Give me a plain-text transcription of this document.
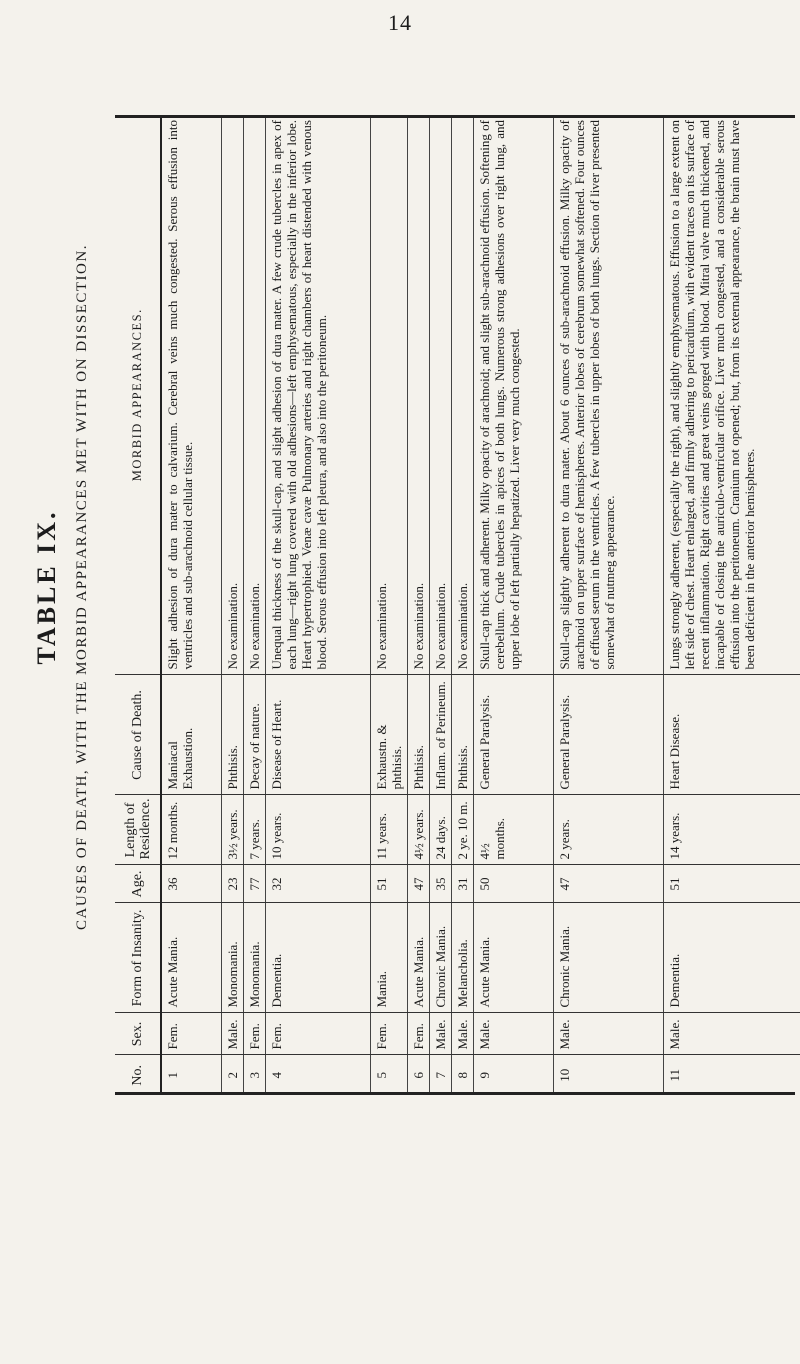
14
TABLE IX. CAUSES OF DEATH, WITH THE MORBID APPEARANCES MET WITH ON DISSECTION.
No.	Sex.	Form of Insanity.	Age.	Length of Residence.	Cause of Death.	MORBID APPEARANCES.
1	Fem.	Acute Mania.	36	12 months.	Maniacal Exhaustion.	Slight adhesion of dura mater to calvarium. Cerebral veins much congested. Serous effusion into ventricles and sub-arachnoid cellular tissue.
2	Male.	Monomania.	23	3½ years.	Phthisis.	No examination.
3	Fem.	Monomania.	77	7 years.	Decay of nature.	No examination.
4	Fem.	Dementia.	32	10 years.	Disease of Heart.	Unequal thickness of the skull-cap, and slight adhesion of dura mater. A few crude tubercles in apex of each lung—right lung covered with old adhesions—left emphysematous, especially in the inferior lobe. Heart hypertrophied. Venæ cavæ Pulmonary arteries and right chambers of heart distended with venous blood. Serous effusion into left pleura, and also into the peritoneum.
5	Fem.	Mania.	51	11 years.	Exhaustn. & phthisis.	No examination.
6	Fem.	Acute Mania.	47	4½ years.	Phthisis.	No examination.
7	Male.	Chronic Mania.	35	24 days.	Inflam. of Perineum.	No examination.
8	Male.	Melancholia.	31	2 ye. 10 m.	Phthisis.	No examination.
9	Male.	Acute Mania.	50	4½ months.	General Paralysis.	Skull-cap thick and adherent. Milky opacity of arachnoid; and slight sub-arachnoid effusion. Softening of cerebellum. Crude tubercles in apices of both lungs. Numerous strong adhesions over right lung, and upper lobe of left partially hepatized. Liver very much congested.
10	Male.	Chronic Mania.	47	2 years.	General Paralysis.	Skull-cap slightly adherent to dura mater. About 6 ounces of sub-arachnoid effusion. Milky opacity of arachnoid on upper surface of hemispheres. Anterior lobes of cerebrum somewhat softened. Four ounces of effused serum in the ventricles. A few tubercles in upper lobes of both lungs. Section of liver presented somewhat of nutmeg appearance.
11	Male.	Dementia.	51	14 years.	Heart Disease.	Lungs strongly adherent, (especially the right), and slightly emphysematous. Effusion to a large extent on left side of chest. Heart enlarged, and firmly adhering to pericardium, with evident traces on its surface of recent inflammation. Right cavities and great veins gorged with blood. Mitral valve much thickened, and incapable of closing the auriculo-ventricular orifice. Liver much congested, and a considerable serous effusion into the peritoneum. Cranium not opened; but, from its external appearance, the brain must have been deficient in the anterior hemispheres.
